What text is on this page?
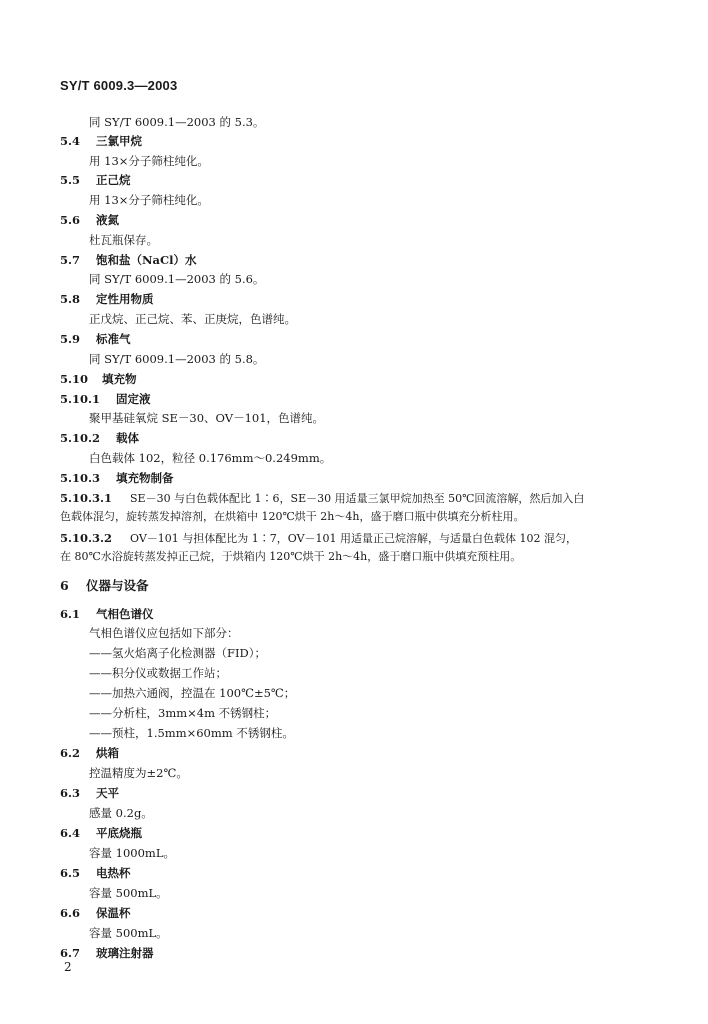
SY/T 6009.3—2003
同 SY/T 6009.1—2003 的 5.3。
5.4 三氯甲烷
用 13×分子筛柱纯化。
5.5 正己烷
用 13×分子筛柱纯化。
5.6 液氮
杜瓦瓶保存。
5.7 饱和盐（NaCl）水
同 SY/T 6009.1—2003 的 5.6。
5.8 定性用物质
正戊烷、正己烷、苯、正庚烷，色谱纯。
5.9 标准气
同 SY/T 6009.1—2003 的 5.8。
5.10 填充物
5.10.1 固定液
聚甲基硅氧烷 SE－30、OV－101，色谱纯。
5.10.2 载体
白色载体 102，粒径 0.176mm～0.249mm。
5.10.3 填充物制备
5.10.3.1 SE－30 与白色载体配比 1∶6，SE－30 用适量三氯甲烷加热至 50℃回流溶解，然后加入白
色载体混匀，旋转蒸发掉溶剂，在烘箱中 120℃烘干 2h～4h，盛于磨口瓶中供填充分析柱用。
5.10.3.2 OV－101 与担体配比为 1∶7，OV－101 用适量正己烷溶解，与适量白色载体 102 混匀，
在 80℃水浴旋转蒸发掉正己烷，于烘箱内 120℃烘干 2h～4h，盛于磨口瓶中供填充预柱用。
6 仪器与设备
6.1 气相色谱仪
气相色谱仪应包括如下部分：
——氢火焰离子化检测器（FID）；
——积分仪或数据工作站；
——加热六通阀，控温在 100℃±5℃；
——分析柱，3mm×4m 不锈钢柱；
——预柱，1.5mm×60mm 不锈钢柱。
6.2 烘箱
控温精度为±2℃。
6.3 天平
感量 0.2g。
6.4 平底烧瓶
容量 1000mL。
6.5 电热杯
容量 500mL。
6.6 保温杯
容量 500mL。
6.7 玻璃注射器
2
